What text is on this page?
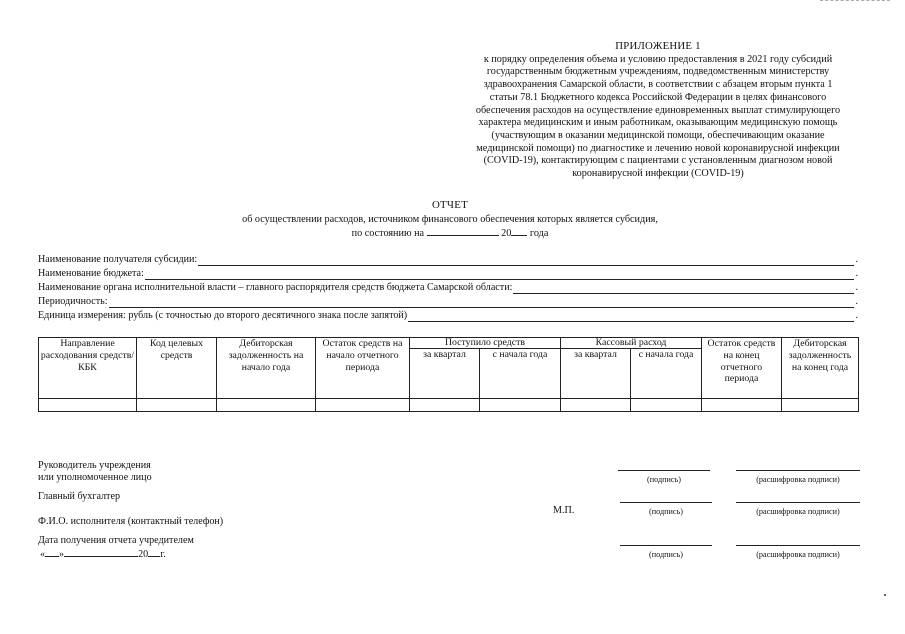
ПРИЛОЖЕНИЕ 1
к порядку определения объема и условию предоставления в 2021 году субсидий
государственным бюджетным учреждениям, подведомственным министерству
здравоохранения Самарской области, в соответствии с абзацем вторым пункта 1
статьи 78.1 Бюджетного кодекса Российской Федерации в целях финансового
обеспечения расходов на осуществление единовременных выплат стимулирующего
характера медицинским и иным работникам, оказывающим медицинскую помощь
(участвующим в оказании медицинской помощи, обеспечивающим оказание
медицинской помощи) по диагностике и лечению новой коронавирусной инфекции
(COVID-19), контактирующим с пациентами с установленным диагнозом новой
коронавирусной инфекции (COVID-19)
ОТЧЕТ
об осуществлении расходов, источником финансового обеспечения которых является субсидия,
по состоянию на	20 года
Наименование получателя субсидии:	.
Наименование бюджета:	.
Наименование органа исполнительной власти – главного распорядителя средств бюджета Самарской области:	.
Периодичность:	.
Единица измерения: рубль (с точностью до второго десятичного знака после запятой)	.
Направление расходования средств/КБК	Код целевых средств	Дебиторская задолженность на начало года	Остаток средств на начало отчетного периода	Поступило средств		Кассовый расход		Остаток средств на конец отчетного периода	Дебиторская задолженность на конец года
				за квартал	с начала года	за квартал	с начала года		

Руководитель учреждения
или уполномоченное лицо
Главный бухгалтер
Ф.И.О. исполнителя (контактный телефон)
Дата получения отчета учредителем
« »	20 г.
М.П.
(подпись)	(расшифровка подписи)
(подпись)	(расшифровка подписи)
(подпись)	(расшифровка подписи)
